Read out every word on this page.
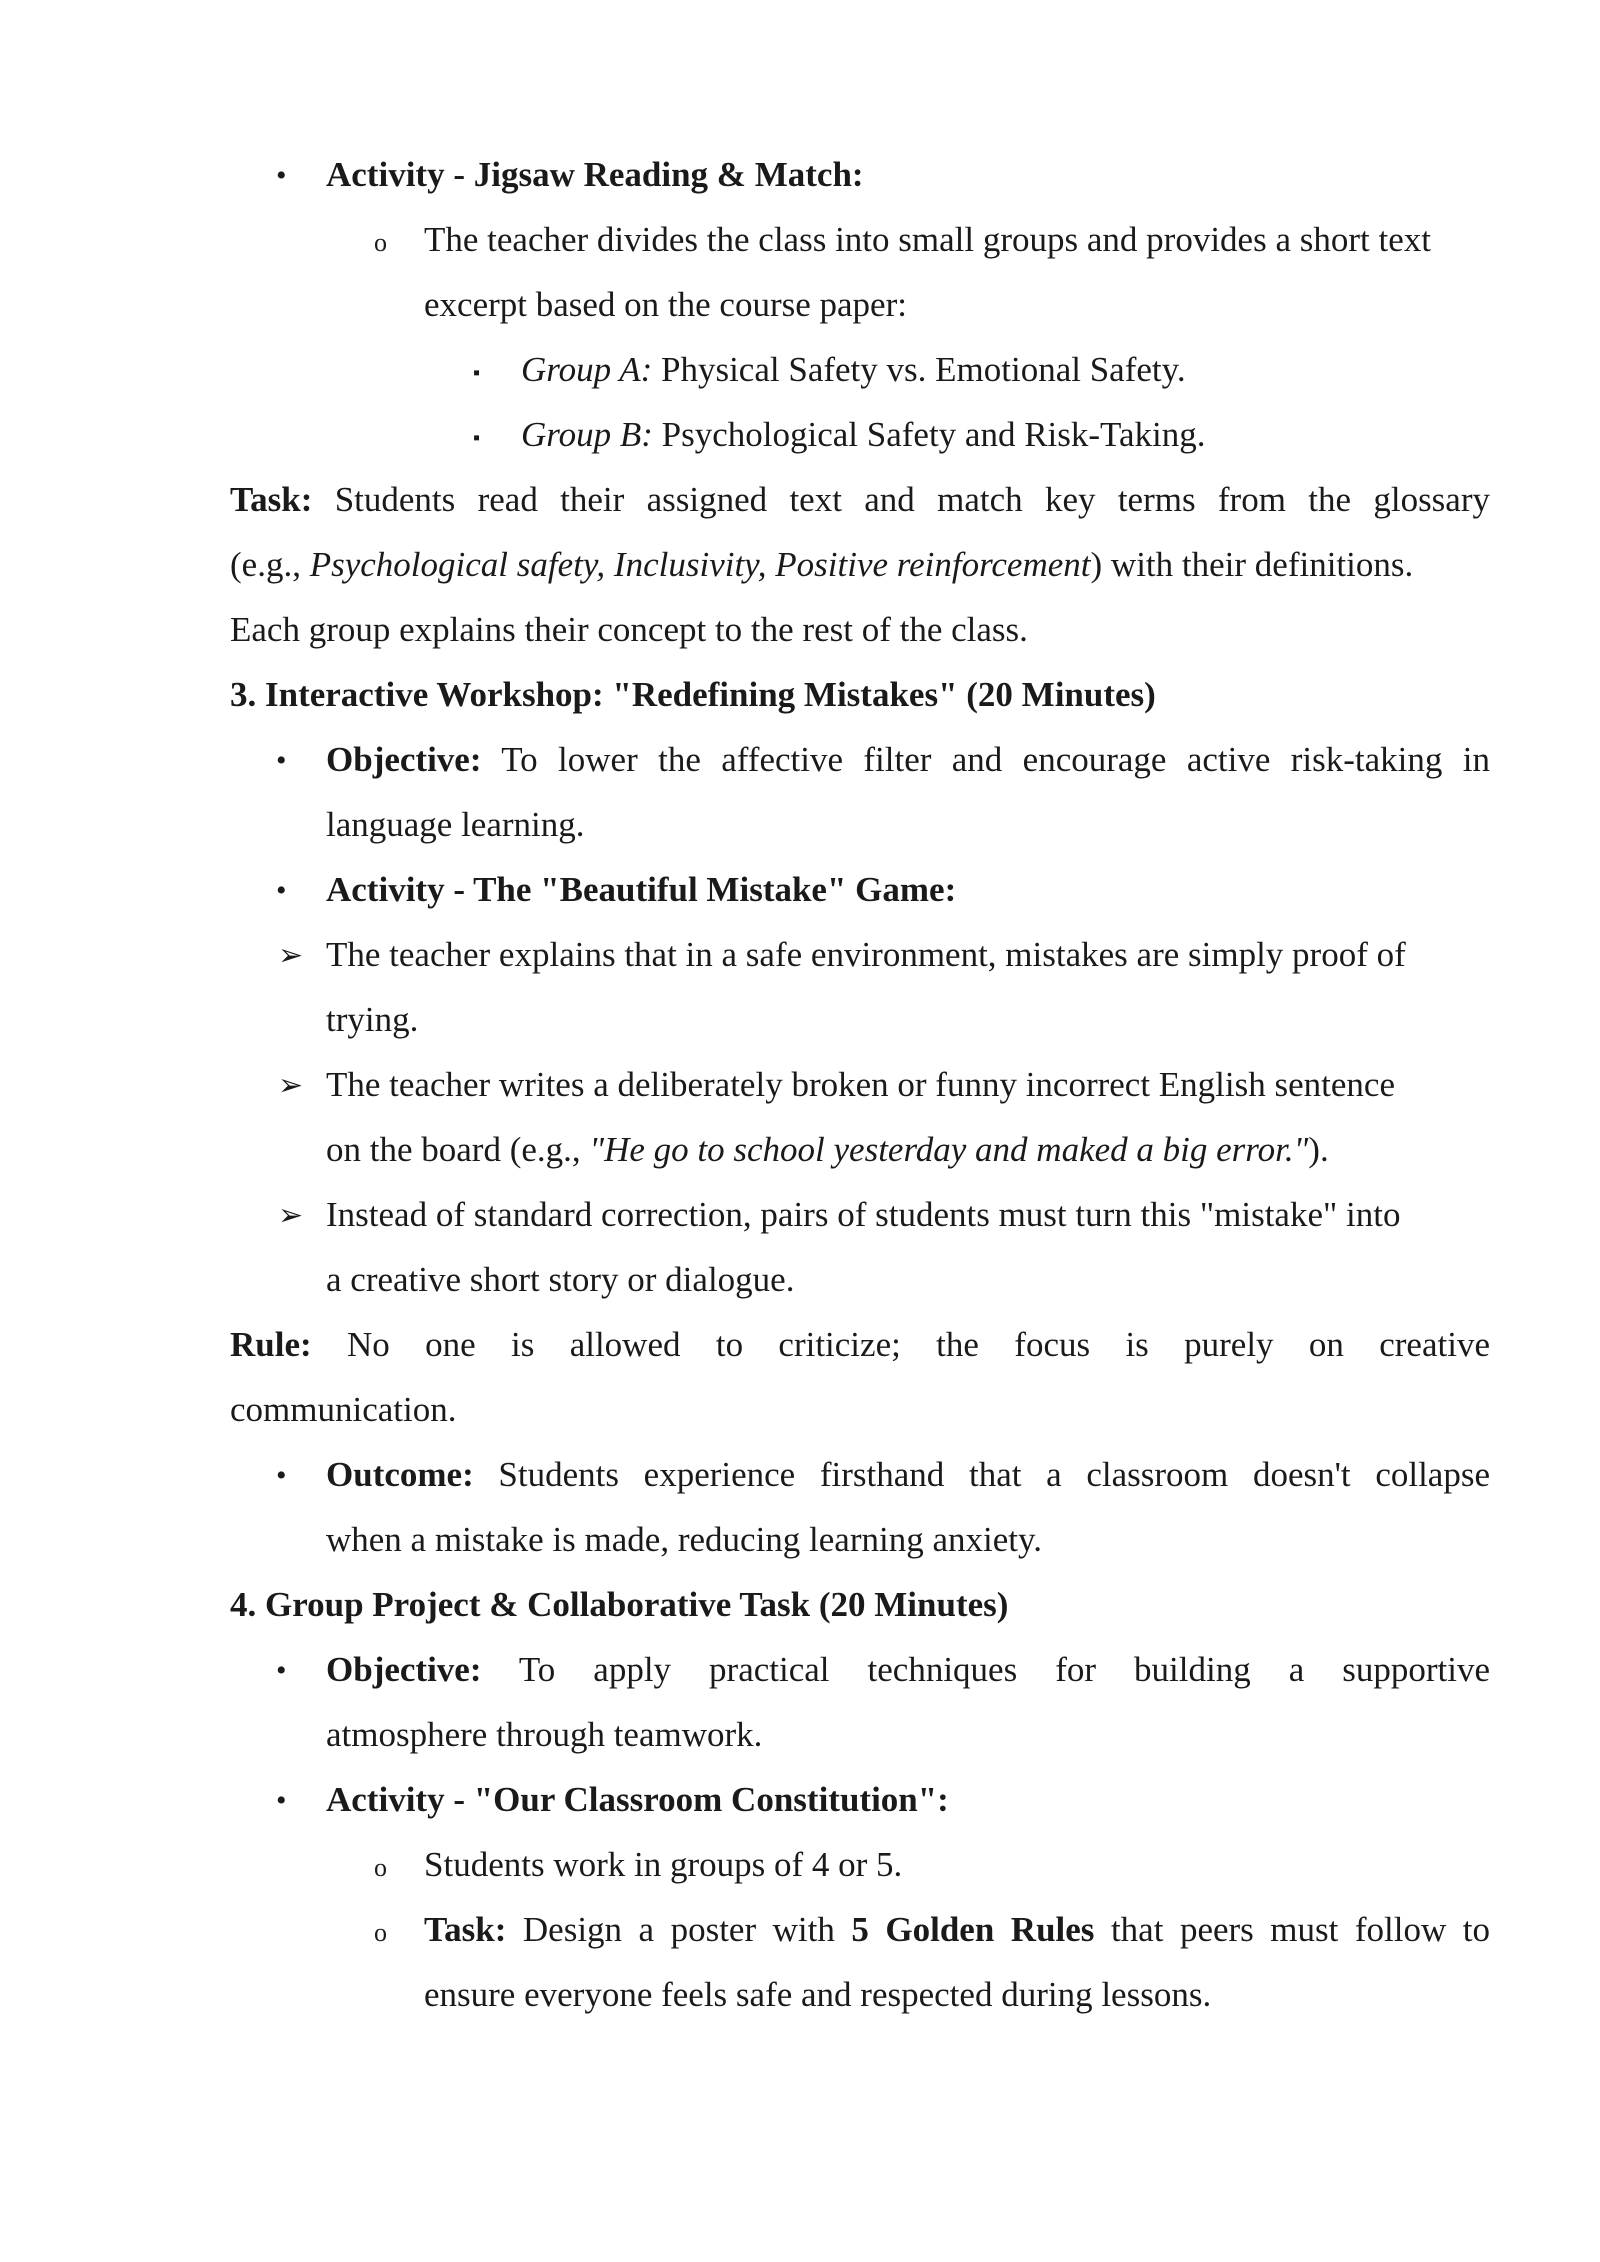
• Activity - Jigsaw Reading & Match:
o The teacher divides the class into small groups and provides a short text
excerpt based on the course paper:
▪ Group A: Physical Safety vs. Emotional Safety.
▪ Group B: Psychological Safety and Risk-Taking.
Task: Students read their assigned text and match key terms from the glossary
(e.g., Psychological safety, Inclusivity, Positive reinforcement) with their definitions.
Each group explains their concept to the rest of the class.
3. Interactive Workshop: "Redefining Mistakes" (20 Minutes)
• Objective: To lower the affective filter and encourage active risk-taking in
language learning.
• Activity - The "Beautiful Mistake" Game:
➢ The teacher explains that in a safe environment, mistakes are simply proof of
trying.
➢ The teacher writes a deliberately broken or funny incorrect English sentence
on the board (e.g., "He go to school yesterday and maked a big error.").
➢ Instead of standard correction, pairs of students must turn this "mistake" into
a creative short story or dialogue.
Rule: No one is allowed to criticize; the focus is purely on creative
communication.
• Outcome: Students experience firsthand that a classroom doesn't collapse
when a mistake is made, reducing learning anxiety.
4. Group Project & Collaborative Task (20 Minutes)
• Objective: To apply practical techniques for building a supportive
atmosphere through teamwork.
• Activity - "Our Classroom Constitution":
o Students work in groups of 4 or 5.
o Task: Design a poster with 5 Golden Rules that peers must follow to
ensure everyone feels safe and respected during lessons.
